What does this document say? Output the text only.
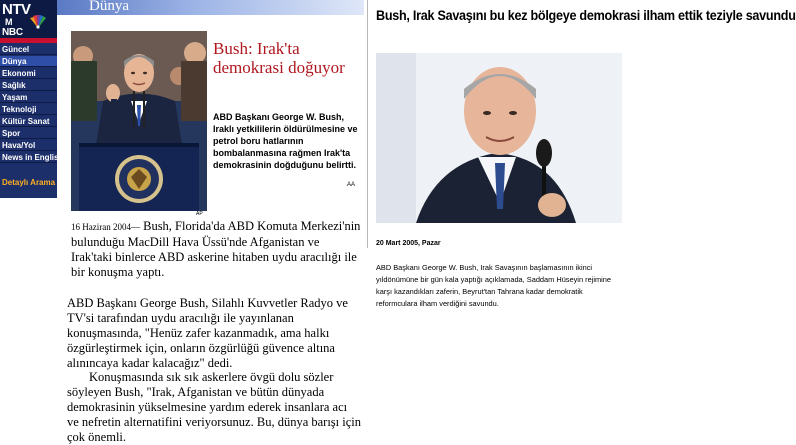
NTV
M
NBC
Güncel
Dünya
Ekonomi
Sağlık
Yaşam
Teknoloji
Kültür Sanat
Spor
Hava/Yol
News in English
Detaylı Arama
Dünya
Bush: Irak'ta demokrasi doğuyor
ABD Başkanı George W. Bush, Iraklı yetkililerin öldürülmesine ve petrol boru hatlarının bombalanmasına rağmen Irak'ta demokrasinin doğduğunu belirtti.
AA
AP
16 Haziran 2004— Bush, Florida'da ABD Komuta Merkezi'nin bulunduğu MacDill Hava Üssü'nde Afganistan ve Irak'taki binlerce ABD askerine hitaben uydu aracılığı ile bir konuşma yaptı.
ABD Başkanı George Bush, Silahlı Kuvvetler Radyo ve TV'si tarafından uydu aracılığı ile yayınlanan konuşmasında, "Henüz zafer kazanmadık, ama halkı özgürleştirmek için, onların özgürlüğü güvence altına alınıncaya kadar kalacağız" dedi.
Konuşmasında sık sık askerlere övgü dolu sözler söyleyen Bush, "Irak, Afganistan ve bütün dünyada demokrasinin yükselmesine yardım ederek insanlara acı ve nefretin alternatifini veriyorsunuz. Bu, dünya barışı için çok önemli.
Bush, Irak Savaşını bu kez bölgeye demokrasi ilham ettik teziyle savundu
20 Mart 2005, Pazar
ABD Başkanı George W. Bush, Irak Savaşının başlamasının ikinci yıldönümüne bir gün kala yaptığı açıklamada, Saddam Hüseyin rejimine karşı kazandıkları zaferin, Beyrut'tan Tahrana kadar demokratik reformculara ilham verdiğini savundu.
